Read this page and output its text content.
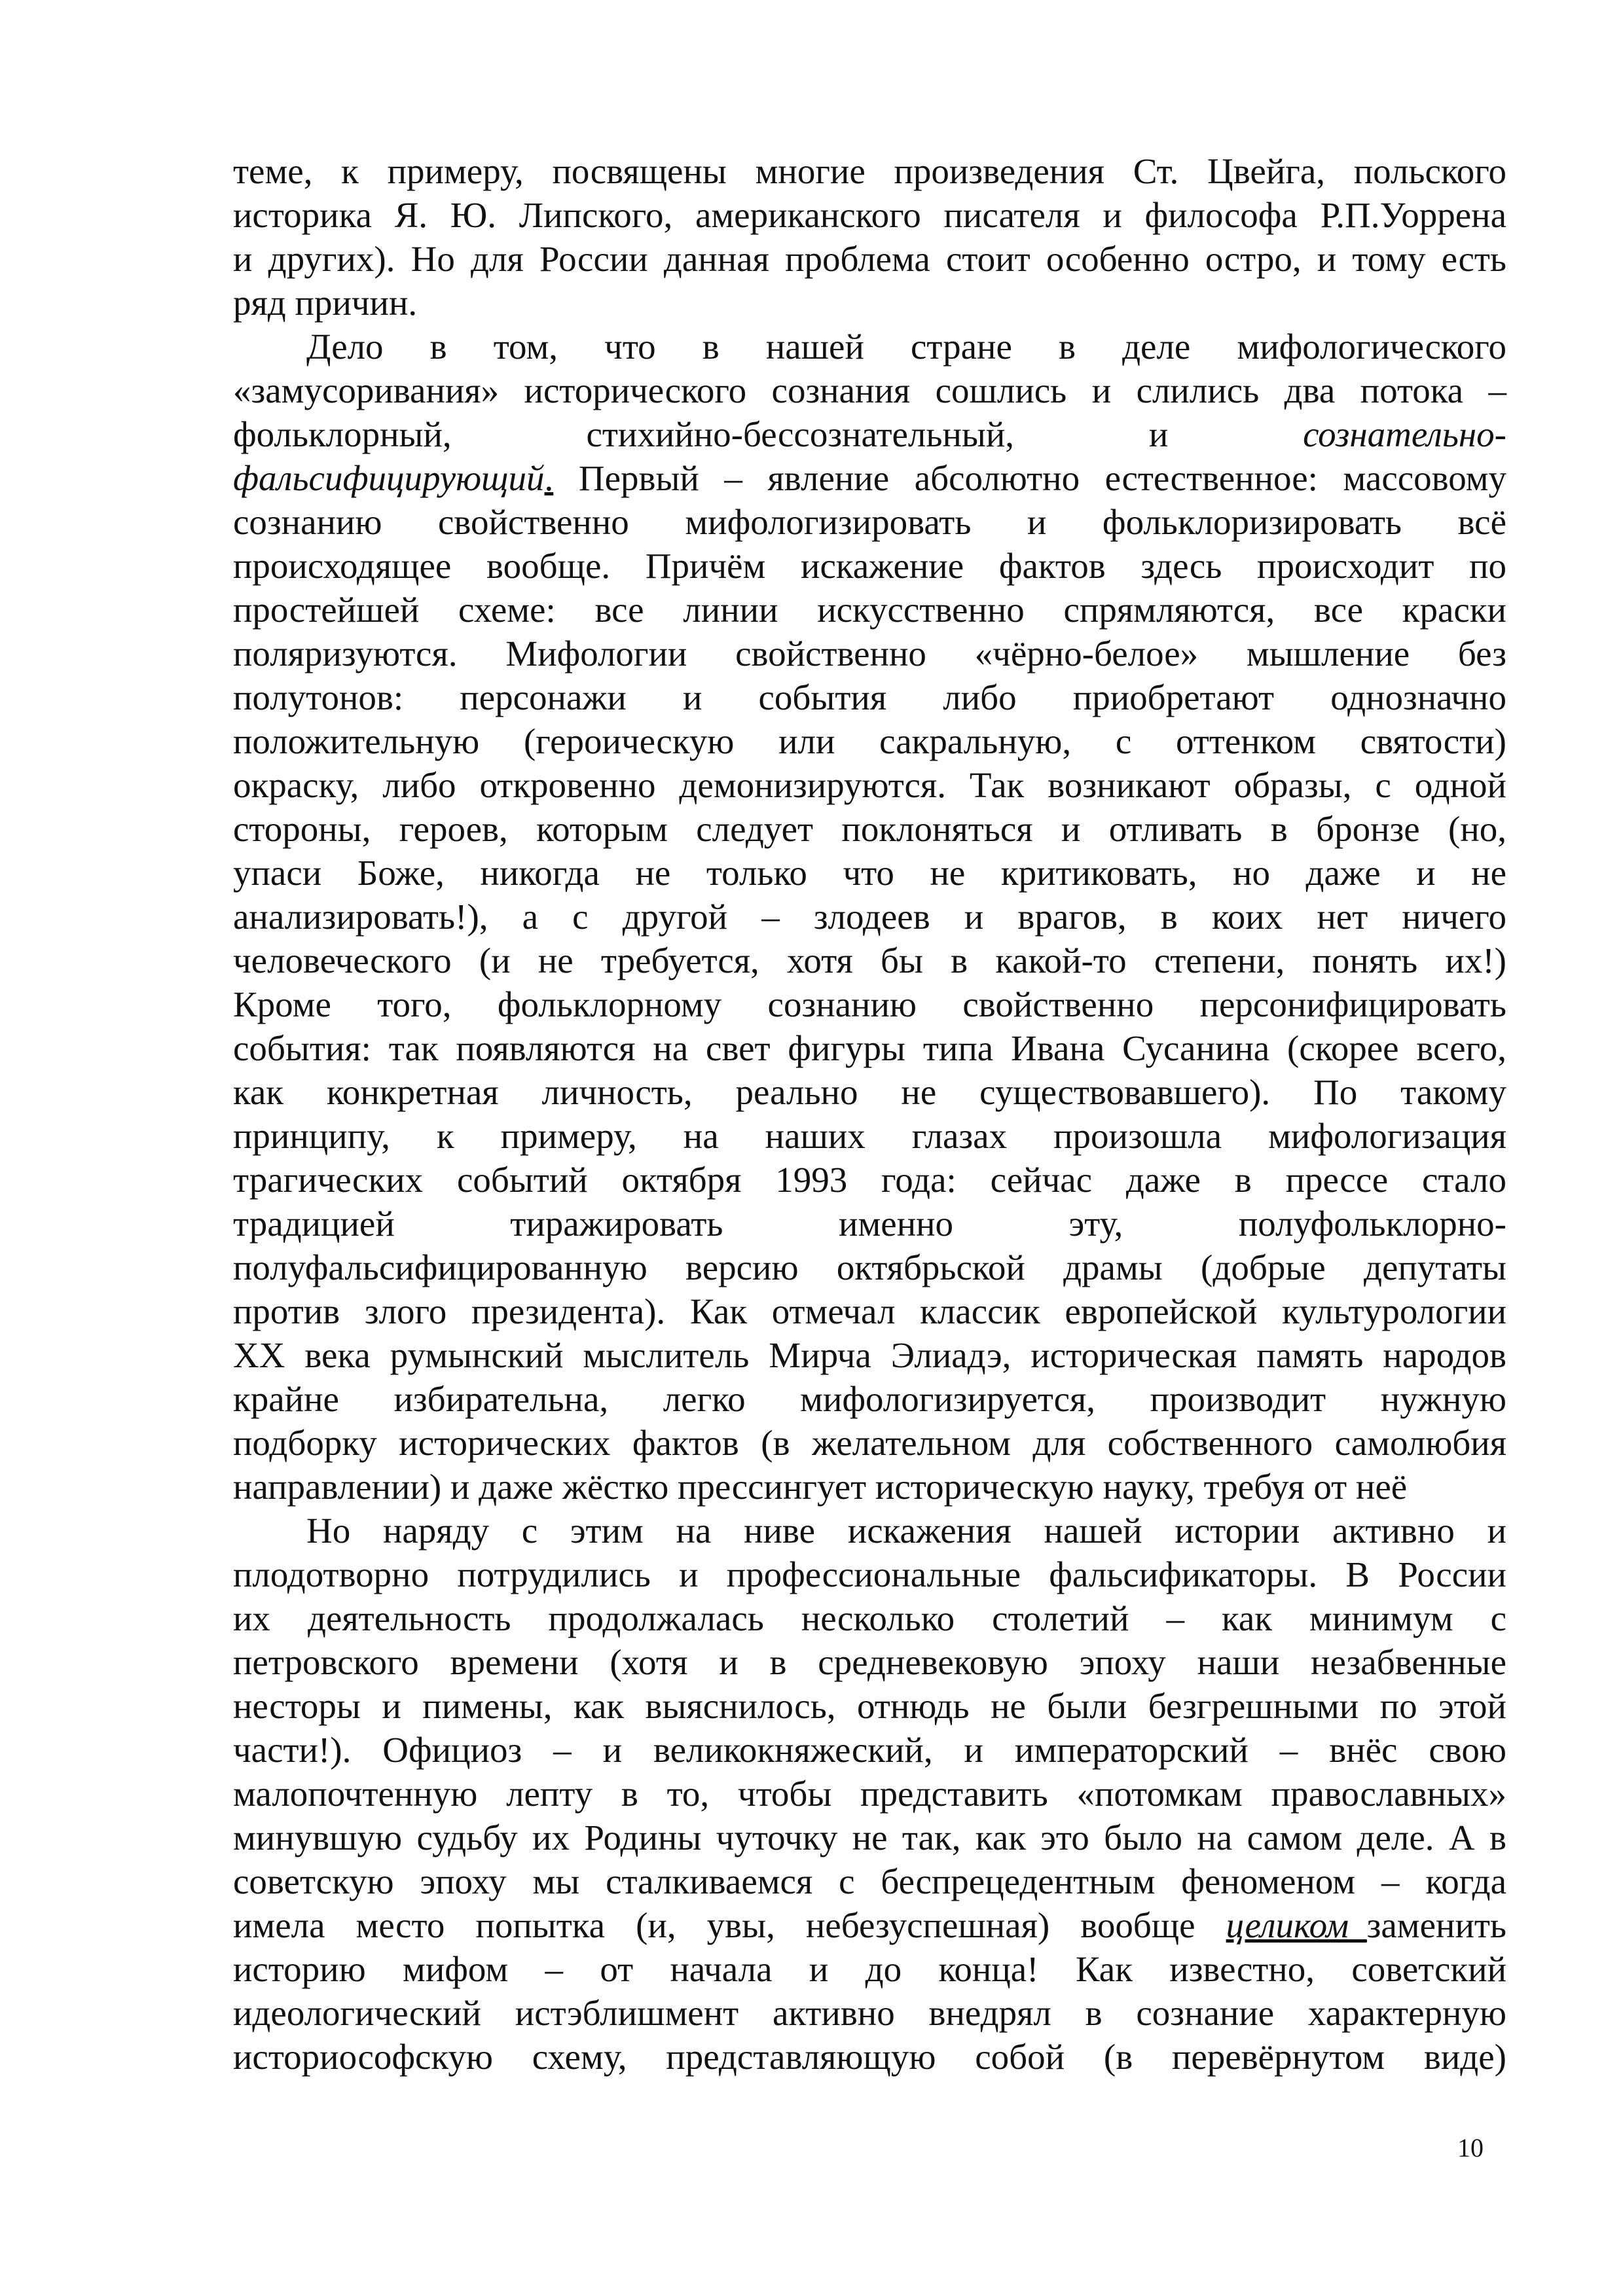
теме, к примеру, посвящены многие произведения Ст. Цвейга, польского
историка Я. Ю. Липского, американского писателя и философа Р.П.Уоррена
и других). Но для России данная проблема стоит особенно остро, и тому есть
ряд причин.

Дело в том, что в нашей стране в деле мифологического
«замусоривания» исторического сознания сошлись и слились два потока –
фольклорный, стихийно-бессознательный, и	сознательно-
фальсифицирующий. Первый – явление абсолютно естественное: массовому
сознанию свойственно мифологизировать и фольклоризировать всё
происходящее вообще. Причём искажение фактов здесь происходит по
простейшей схеме: все линии искусственно спрямляются, все краски
поляризуются. Мифологии свойственно «чёрно-белое» мышление без
полутонов: персонажи и события либо приобретают однозначно
положительную (героическую или сакральную, с оттенком святости)
окраску, либо откровенно демонизируются. Так возникают образы, с одной
стороны, героев, которым следует поклоняться и отливать в бронзе (но,
упаси Боже, никогда не только что не критиковать, но даже и не
анализировать!), а с другой – злодеев и врагов, в коих нет ничего
человеческого (и не требуется, хотя бы в какой-то степени, понять их!)
Кроме того, фольклорному сознанию свойственно персонифицировать
события: так появляются на свет фигуры типа Ивана Сусанина (скорее всего,
как конкретная личность, реально не существовавшего). По такому
принципу, к примеру, на наших глазах произошла мифологизация
трагических событий октября 1993 года: сейчас даже в прессе стало
традицией тиражировать именно эту, полуфольклорно-
полуфальсифицированную версию октябрьской драмы (добрые депутаты
против злого президента). Как отмечал классик европейской культурологии
XX века румынский мыслитель Мирча Элиадэ, историческая память народов
крайне избирательна, легко мифологизируется, производит нужную
подборку исторических фактов (в желательном для собственного самолюбия
направлении) и даже жёстко прессингует историческую науку, требуя от неё

Но наряду с этим на ниве искажения нашей истории активно и
плодотворно потрудились и профессиональные фальсификаторы. В России
их деятельность продолжалась несколько столетий – как минимум с
петровского времени (хотя и в средневековую эпоху наши незабвенные
несторы и пимены, как выяснилось, отнюдь не были безгрешными по этой
части!). Официоз – и великокняжеский, и императорский – внёс свою
малопочтенную лепту в то, чтобы представить «потомкам православных»
минувшую судьбу их Родины чуточку не так, как это было на самом деле. А в
советскую эпоху мы сталкиваемся с беспрецедентным феноменом – когда
имела место попытка (и, увы, небезуспешная) вообще целиком_заменить
историю мифом – от начала и до конца! Как известно, советский
идеологический истэблишмент активно внедрял в сознание характерную
историософскую схему, представляющую собой (в перевёрнутом виде)

10
